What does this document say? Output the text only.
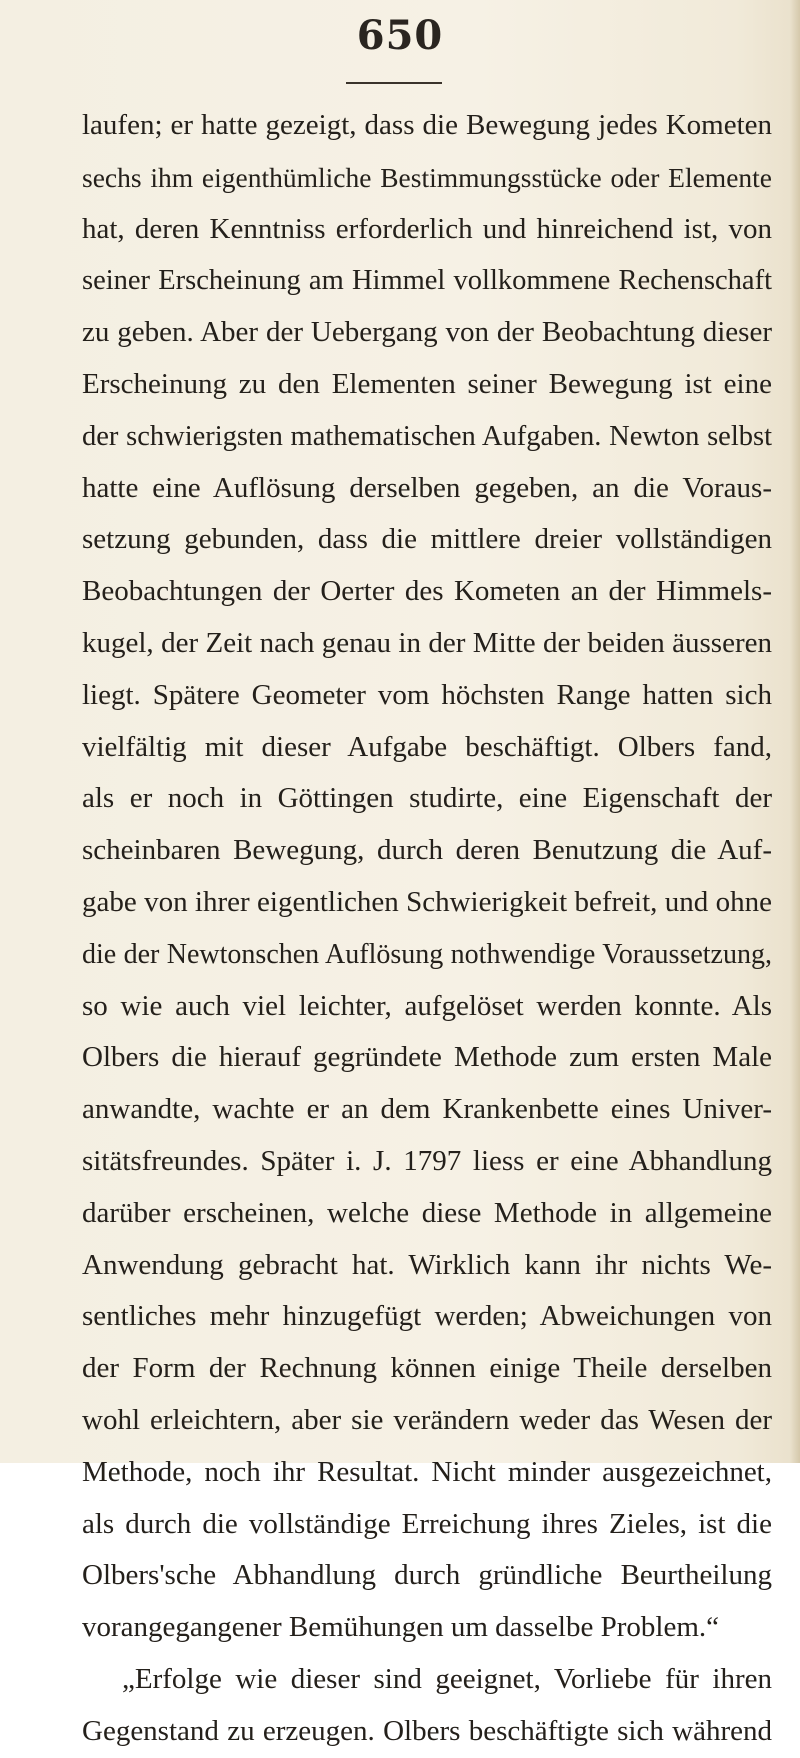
650
laufen; er hatte gezeigt, dass die Bewegung jedes Kometen
sechs ihm eigenthümliche Bestimmungsstücke oder Elemente
hat, deren Kenntniss erforderlich und hinreichend ist, von
seiner Erscheinung am Himmel vollkommene Rechenschaft
zu geben. Aber der Uebergang von der Beobachtung dieser
Erscheinung zu den Elementen seiner Bewegung ist eine
der schwierigsten mathematischen Aufgaben. Newton selbst
hatte eine Auflösung derselben gegeben, an die Voraus-
setzung gebunden, dass die mittlere dreier vollständigen
Beobachtungen der Oerter des Kometen an der Himmels-
kugel, der Zeit nach genau in der Mitte der beiden äusseren
liegt. Spätere Geometer vom höchsten Range hatten sich
vielfältig mit dieser Aufgabe beschäftigt. Olbers fand,
als er noch in Göttingen studirte, eine Eigenschaft der
scheinbaren Bewegung, durch deren Benutzung die Auf-
gabe von ihrer eigentlichen Schwierigkeit befreit, und ohne
die der Newtonschen Auflösung nothwendige Voraussetzung,
so wie auch viel leichter, aufgelöset werden konnte. Als
Olbers die hierauf gegründete Methode zum ersten Male
anwandte, wachte er an dem Krankenbette eines Univer-
sitätsfreundes. Später i. J. 1797 liess er eine Abhandlung
darüber erscheinen, welche diese Methode in allgemeine
Anwendung gebracht hat. Wirklich kann ihr nichts We-
sentliches mehr hinzugefügt werden; Abweichungen von
der Form der Rechnung können einige Theile derselben
wohl erleichtern, aber sie verändern weder das Wesen der
Methode, noch ihr Resultat. Nicht minder ausgezeichnet,
als durch die vollständige Erreichung ihres Zieles, ist die
Olbers'sche Abhandlung durch gründliche Beurtheilung
vorangegangener Bemühungen um dasselbe Problem.“
„Erfolge wie dieser sind geeignet, Vorliebe für ihren
Gegenstand zu erzeugen. Olbers beschäftigte sich während
